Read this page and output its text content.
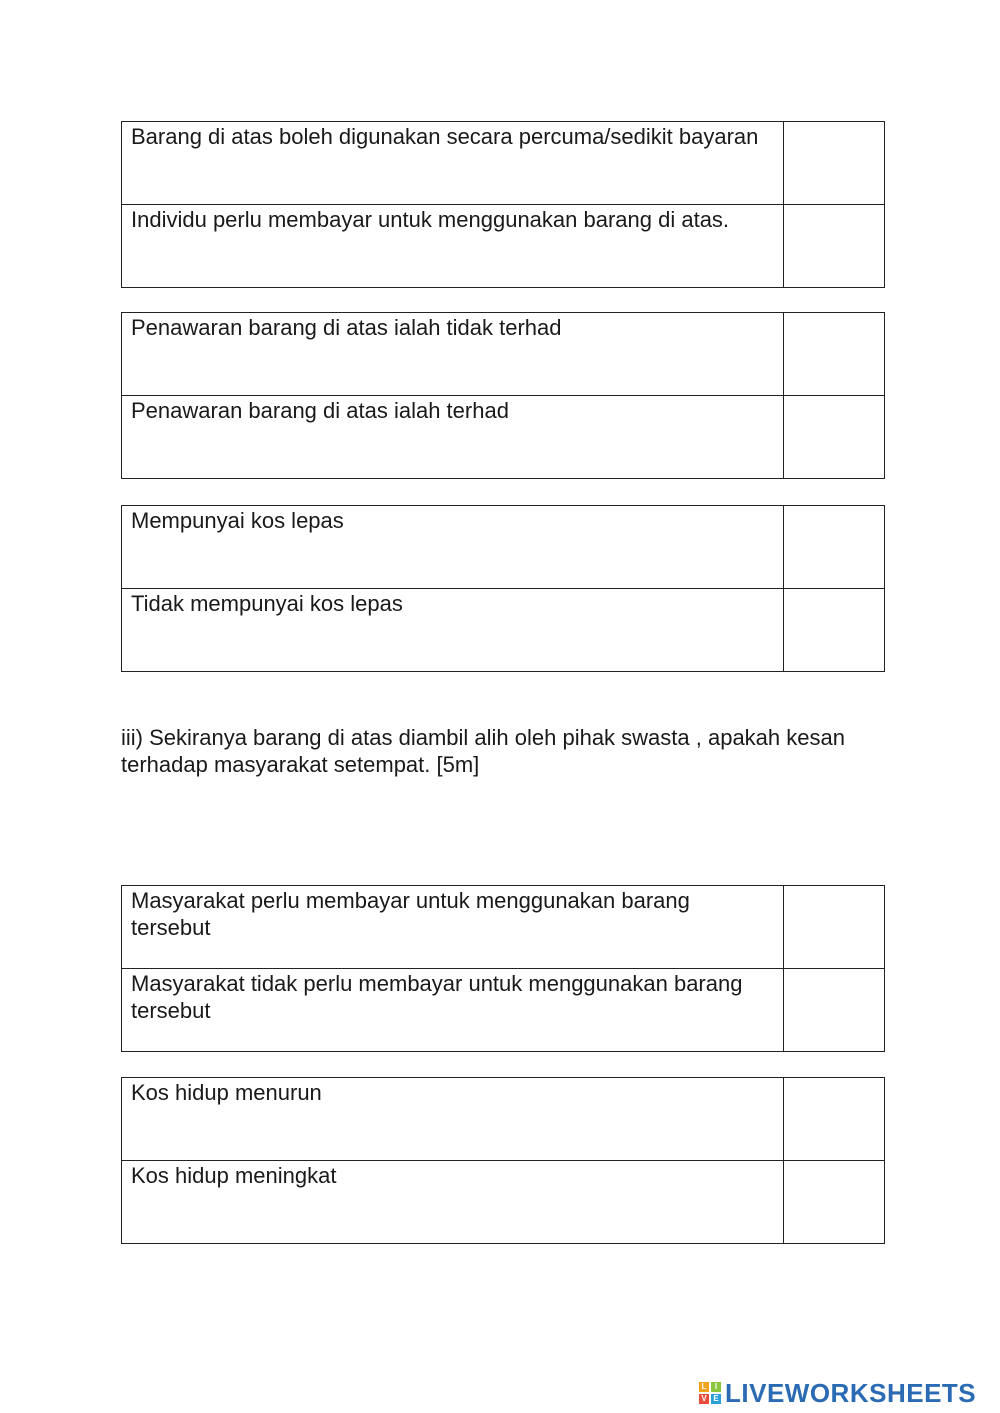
Barang di atas boleh digunakan secara percuma/sedikit bayaran	
Individu perlu membayar untuk menggunakan barang di atas.	
Penawaran barang di atas ialah tidak terhad	
Penawaran barang di atas ialah terhad	
Mempunyai kos lepas	
Tidak mempunyai kos lepas	

iii) Sekiranya barang di atas diambil alih oleh pihak swasta , apakah kesan terhadap masyarakat setempat. [5m]

Masyarakat perlu membayar untuk menggunakan barang tersebut	
Masyarakat tidak perlu membayar untuk menggunakan barang tersebut	
Kos hidup menurun	
Kos hidup meningkat	
L	I
V E LIVEWORKSHEETS
